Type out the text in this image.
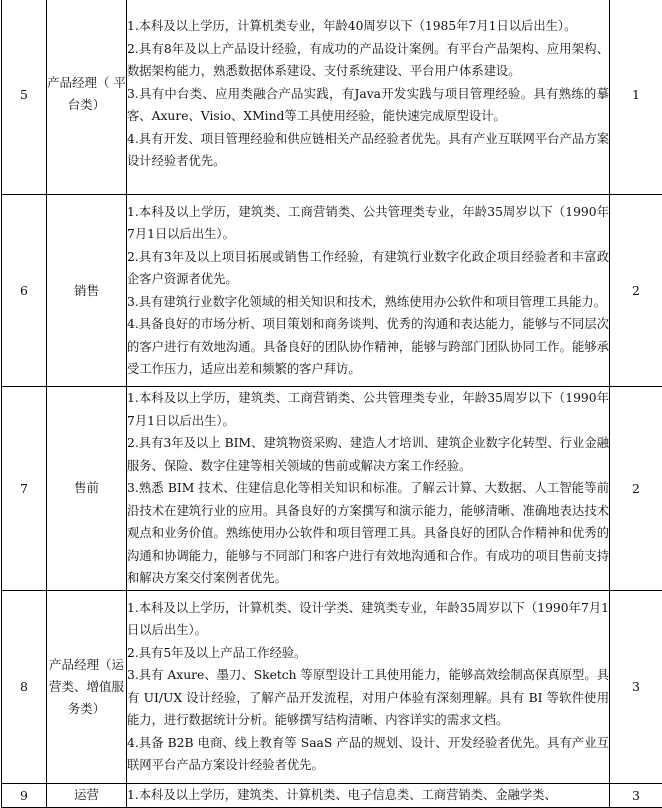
5	产品经理（ 平 台类）	1.本科及以上学历，计算机类专业，年龄40周岁以下（1985年7月1日以后出生）。

2.具有8年及以上产品设计经验，有成功的产品设计案例。有平台产品架构、应用架构、数据架构能力，熟悉数据体系建设、支付系统建设、平台用户体系建设。

3.具有中台类、应用类融合产品实践，有Java开发实践与项目管理经验。具有熟练的摹客、Axure、Visio、XMind等工具使用经验，能快速完成原型设计。

4.具有开发、项目管理经验和供应链相关产品经验者优先。具有产业互联网平台产品方案设计经验者优先。	1
6	销售	1.本科及以上学历，建筑类、工商营销类、公共管理类专业，年龄35周岁以下（1990年7月1日以后出生）。

2.具有3年及以上项目拓展或销售工作经验，有建筑行业数字化政企项目经验者和丰富政企客户资源者优先。

3.具有建筑行业数字化领域的相关知识和技术，熟练使用办公软件和项目管理工具能力。

4.具备良好的市场分析、项目策划和商务谈判、优秀的沟通和表达能力，能够与不同层次的客户进行有效地沟通。具备良好的团队协作精神，能够与跨部门团队协同工作。能够承受工作压力，适应出差和频繁的客户拜访。	2
7	售前	1.本科及以上学历，建筑类、工商营销类、公共管理类专业，年龄35周岁以下（1990年7月1日以后出生）。

2.具有3年及以上 BIM、建筑物资采购、建造人才培训、建筑企业数字化转型、行业金融服务、保险、数字住建等相关领域的售前或解决方案工作经验。

3.熟悉 BIM 技术、住建信息化等相关知识和标准。了解云计算、大数据、人工智能等前沿技术在建筑行业的应用。具备良好的方案撰写和演示能力，能够清晰、准确地表达技术观点和业务价值。熟练使用办公软件和项目管理工具。具备良好的团队合作精神和优秀的沟通和协调能力，能够与不同部门和客户进行有效地沟通和合作。有成功的项目售前支持和解决方案交付案例者优先。	2
8	产品经理（运营类、增值服务类）	1.本科及以上学历，计算机类、设计学类、建筑类专业，年龄35周岁以下（1990年7月1日以后出生）。

2.具有5年及以上产品工作经验。

3.具有 Axure、墨刀、Sketch 等原型设计工具使用能力，能够高效绘制高保真原型。具有 UI/UX 设计经验，了解产品开发流程，对用户体验有深刻理解。具有 BI 等软件使用能力，进行数据统计分析。能够撰写结构清晰、内容详实的需求文档。

4.具备 B2B 电商、线上教育等 SaaS 产品的规划、设计、开发经验者优先。具有产业互联网平台产品方案设计经验者优先。	3
9	运营	1.本科及以上学历，建筑类、计算机类、电子信息类、工商营销类、金融学类、	3
